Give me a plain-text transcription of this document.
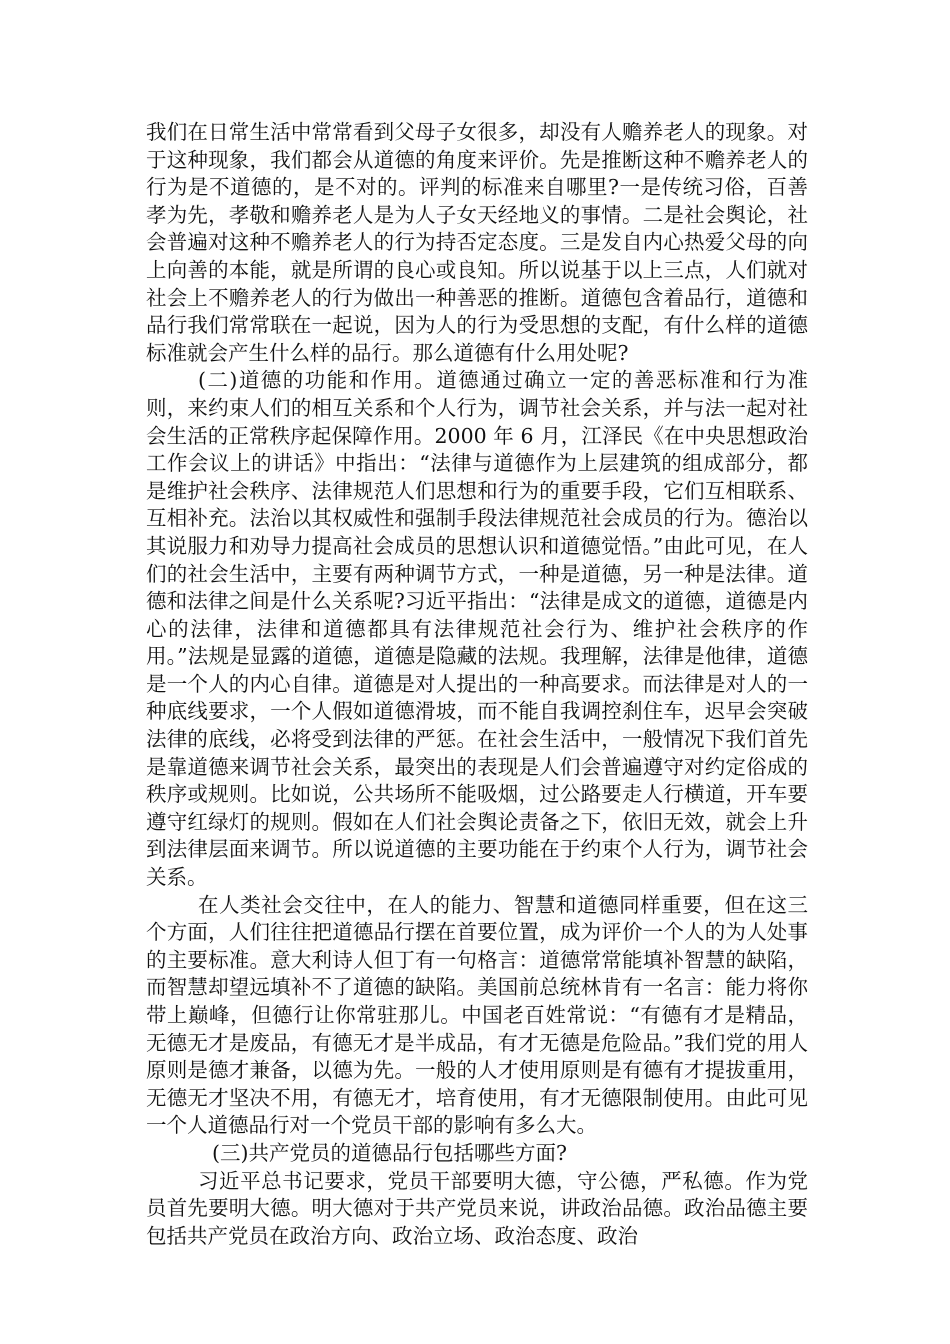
我们在日常生活中常常看到父母子女很多，却没有人赡养老人的现象。对于这种现象，我们都会从道德的角度来评价。先是推断这种不赡养老人的行为是不道德的，是不对的。评判的标准来自哪里?一是传统习俗，百善孝为先，孝敬和赡养老人是为人子女天经地义的事情。二是社会舆论，社会普遍对这种不赡养老人的行为持否定态度。三是发自内心热爱父母的向上向善的本能，就是所谓的良心或良知。所以说基于以上三点，人们就对社会上不赡养老人的行为做出一种善恶的推断。道德包含着品行，道德和品行我们常常联在一起说，因为人的行为受思想的支配，有什么样的道德标准就会产生什么样的品行。那么道德有什么用处呢?

(二)道德的功能和作用。道德通过确立一定的善恶标准和行为准则，来约束人们的相互关系和个人行为，调节社会关系，并与法一起对社会生活的正常秩序起保障作用。2000 年 6 月，江泽民《在中央思想政治工作会议上的讲话》中指出：“法律与道德作为上层建筑的组成部分，都是维护社会秩序、法律规范人们思想和行为的重要手段，它们互相联系、互相补充。法治以其权威性和强制手段法律规范社会成员的行为。德治以其说服力和劝导力提高社会成员的思想认识和道德觉悟。”由此可见，在人们的社会生活中，主要有两种调节方式，一种是道德，另一种是法律。道德和法律之间是什么关系呢?习近平指出：“法律是成文的道德，道德是内心的法律，法律和道德都具有法律规范社会行为、维护社会秩序的作用。”法规是显露的道德，道德是隐藏的法规。我理解，法律是他律，道德是一个人的内心自律。道德是对人提出的一种高要求。而法律是对人的一种底线要求，一个人假如道德滑坡，而不能自我调控刹住车，迟早会突破法律的底线，必将受到法律的严惩。在社会生活中，一般情况下我们首先是靠道德来调节社会关系，最突出的表现是人们会普遍遵守对约定俗成的秩序或规则。比如说，公共场所不能吸烟，过公路要走人行横道，开车要遵守红绿灯的规则。假如在人们社会舆论责备之下，依旧无效，就会上升到法律层面来调节。所以说道德的主要功能在于约束个人行为，调节社会关系。

在人类社会交往中，在人的能力、智慧和道德同样重要，但在这三个方面，人们往往把道德品行摆在首要位置，成为评价一个人的为人处事的主要标准。意大利诗人但丁有一句格言：道德常常能填补智慧的缺陷，而智慧却望远填补不了道德的缺陷。美国前总统林肯有一名言：能力将你带上巅峰，但德行让你常驻那儿。中国老百姓常说：“有德有才是精品，无德无才是废品，有德无才是半成品，有才无德是危险品。”我们党的用人原则是德才兼备，以德为先。一般的人才使用原则是有德有才提拔重用，无德无才坚决不用，有德无才，培育使用，有才无德限制使用。由此可见一个人道德品行对一个党员干部的影响有多么大。

(三)共产党员的道德品行包括哪些方面?

习近平总书记要求，党员干部要明大德，守公德，严私德。作为党员首先要明大德。明大德对于共产党员来说，讲政治品德。政治品德主要包括共产党员在政治方向、政治立场、政治态度、政治
